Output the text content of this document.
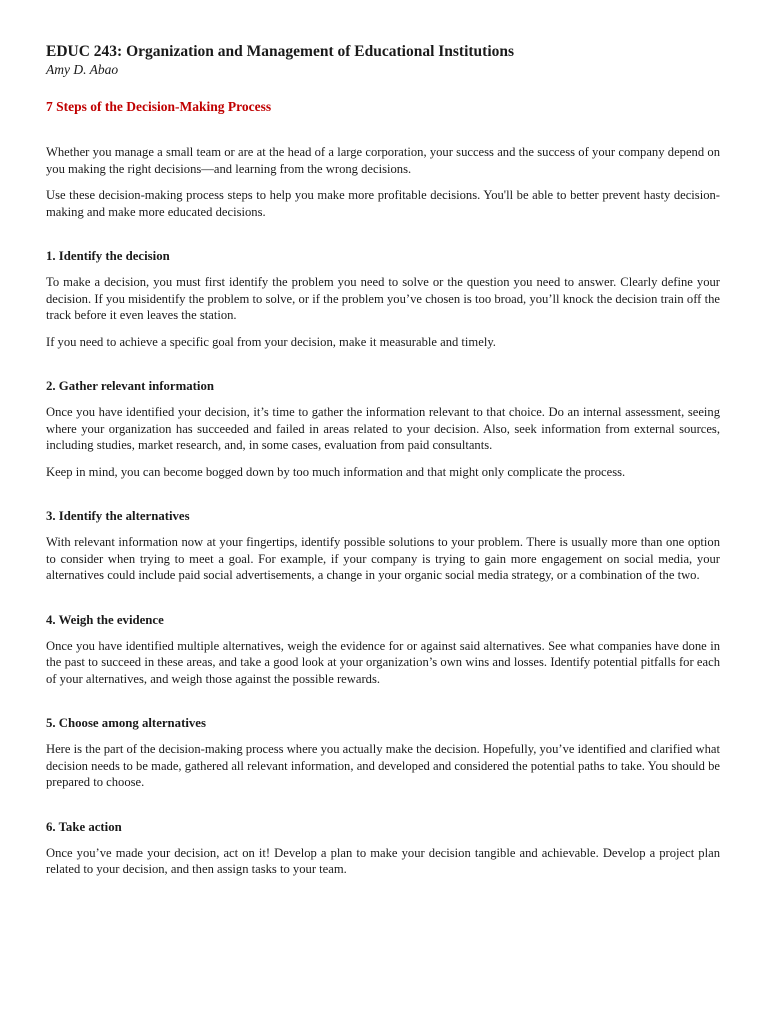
EDUC 243: Organization and Management of Educational Institutions
Amy D. Abao
7 Steps of the Decision-Making Process

Whether you manage a small team or are at the head of a large corporation, your success and the success of your company depend on you making the right decisions—and learning from the wrong decisions.

Use these decision-making process steps to help you make more profitable decisions. You'll be able to better prevent hasty decision-making and make more educated decisions.

1. Identify the decision

To make a decision, you must first identify the problem you need to solve or the question you need to answer. Clearly define your decision. If you misidentify the problem to solve, or if the problem you’ve chosen is too broad, you’ll knock the decision train off the track before it even leaves the station.

If you need to achieve a specific goal from your decision, make it measurable and timely.

2. Gather relevant information

Once you have identified your decision, it’s time to gather the information relevant to that choice. Do an internal assessment, seeing where your organization has succeeded and failed in areas related to your decision. Also, seek information from external sources, including studies, market research, and, in some cases, evaluation from paid consultants.

Keep in mind, you can become bogged down by too much information and that might only complicate the process.

3. Identify the alternatives

With relevant information now at your fingertips, identify possible solutions to your problem. There is usually more than one option to consider when trying to meet a goal. For example, if your company is trying to gain more engagement on social media, your alternatives could include paid social advertisements, a change in your organic social media strategy, or a combination of the two.

4. Weigh the evidence

Once you have identified multiple alternatives, weigh the evidence for or against said alternatives. See what companies have done in the past to succeed in these areas, and take a good look at your organization’s own wins and losses. Identify potential pitfalls for each of your alternatives, and weigh those against the possible rewards.

5. Choose among alternatives

Here is the part of the decision-making process where you actually make the decision. Hopefully, you’ve identified and clarified what decision needs to be made, gathered all relevant information, and developed and considered the potential paths to take. You should be prepared to choose.

6. Take action

Once you’ve made your decision, act on it! Develop a plan to make your decision tangible and achievable. Develop a project plan related to your decision, and then assign tasks to your team.
